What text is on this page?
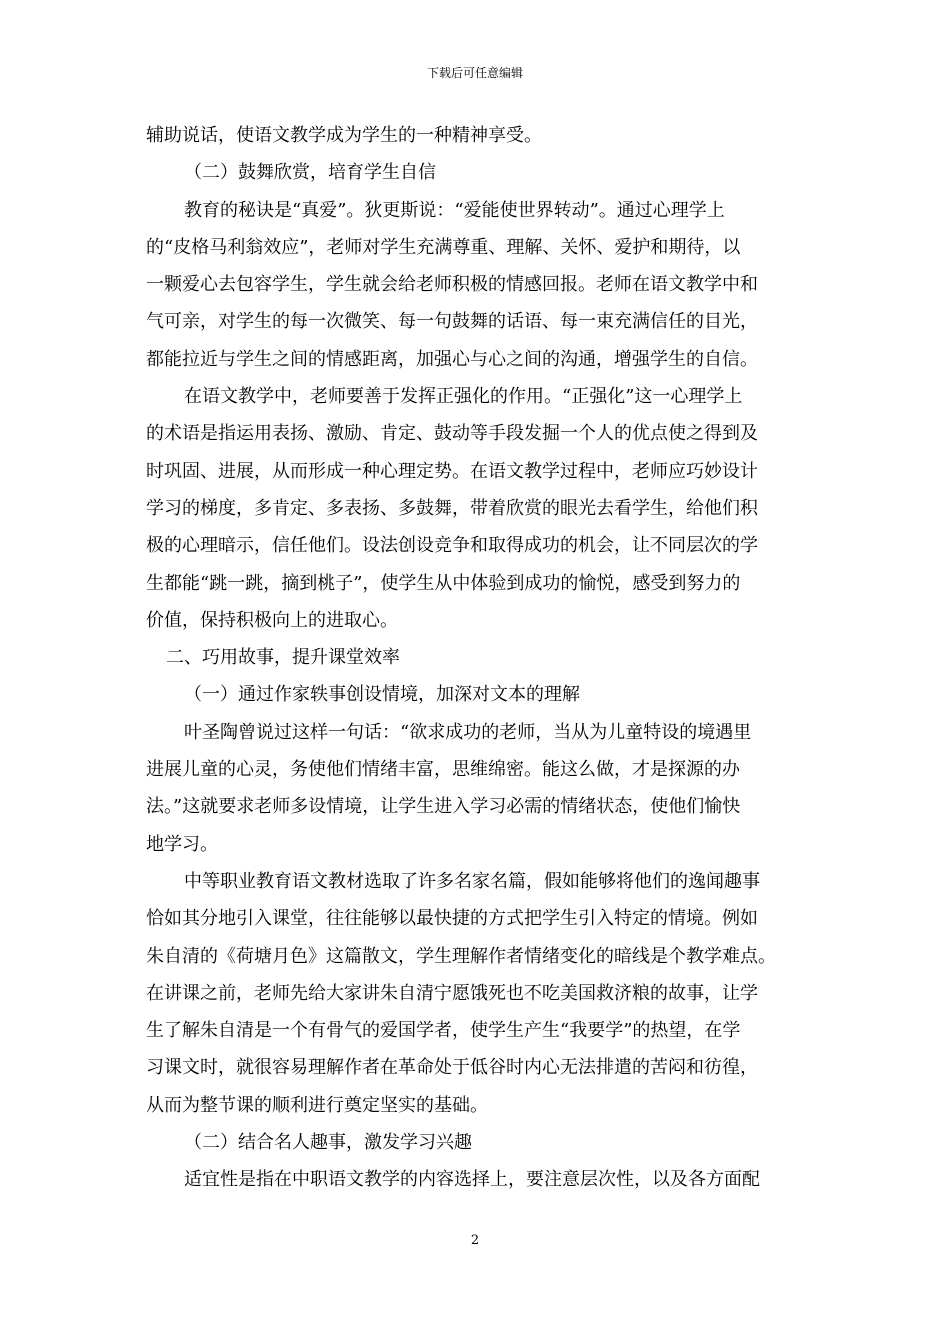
下载后可任意编辑
辅助说话，使语文教学成为学生的一种精神享受。
（二）鼓舞欣赏，培育学生自信
教育的秘诀是“真爱”。狄更斯说：“爱能使世界转动”。通过心理学上
的“皮格马利翁效应”，老师对学生充满尊重、理解、关怀、爱护和期待，以
一颗爱心去包容学生，学生就会给老师积极的情感回报。老师在语文教学中和
气可亲，对学生的每一次微笑、每一句鼓舞的话语、每一束充满信任的目光，
都能拉近与学生之间的情感距离，加强心与心之间的沟通，增强学生的自信。
在语文教学中，老师要善于发挥正强化的作用。“正强化”这一心理学上
的术语是指运用表扬、激励、肯定、鼓动等手段发掘一个人的优点使之得到及
时巩固、进展，从而形成一种心理定势。在语文教学过程中，老师应巧妙设计
学习的梯度，多肯定、多表扬、多鼓舞，带着欣赏的眼光去看学生，给他们积
极的心理暗示，信任他们。设法创设竞争和取得成功的机会，让不同层次的学
生都能“跳一跳，摘到桃子”，使学生从中体验到成功的愉悦，感受到努力的
价值，保持积极向上的进取心。
二、巧用故事，提升课堂效率
（一）通过作家轶事创设情境，加深对文本的理解
叶圣陶曾说过这样一句话：“欲求成功的老师，当从为儿童特设的境遇里
进展儿童的心灵，务使他们情绪丰富，思维绵密。能这么做，才是探源的办
法。”这就要求老师多设情境，让学生进入学习必需的情绪状态，使他们愉快
地学习。
中等职业教育语文教材选取了许多名家名篇，假如能够将他们的逸闻趣事
恰如其分地引入课堂，往往能够以最快捷的方式把学生引入特定的情境。例如
朱自清的《荷塘月色》这篇散文，学生理解作者情绪变化的暗线是个教学难点。
在讲课之前，老师先给大家讲朱自清宁愿饿死也不吃美国救济粮的故事，让学
生了解朱自清是一个有骨气的爱国学者，使学生产生“我要学”的热望，在学
习课文时，就很容易理解作者在革命处于低谷时内心无法排遣的苦闷和彷徨，
从而为整节课的顺利进行奠定坚实的基础。
（二）结合名人趣事，激发学习兴趣
适宜性是指在中职语文教学的内容选择上，要注意层次性，以及各方面配
2
